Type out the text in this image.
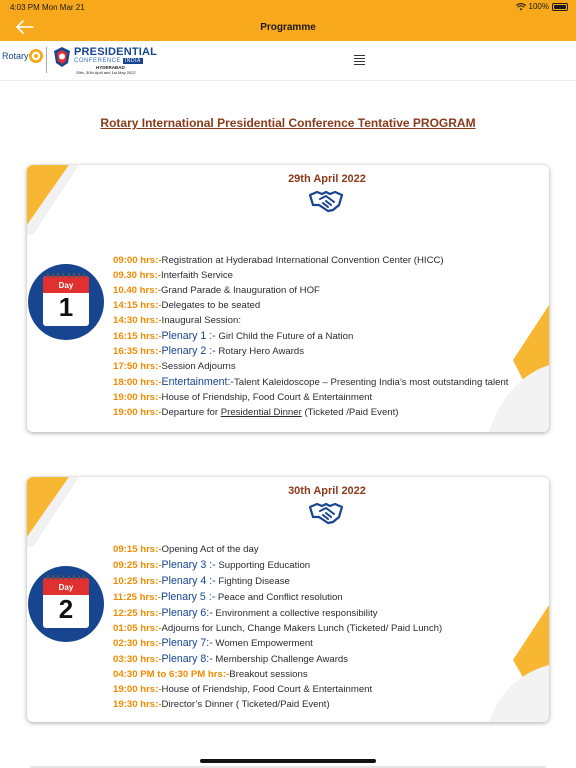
4:03 PM Mon Mar 21	100%
Programme
Rotary	PRESIDENTIAL
CONFERENCE INDIA
HYDERABAD
29th, 30th April and 1st May 2022
Rotary International Presidential Conference Tentative PROGRAM
29th April 2022
Day
1
09:00 hrs:-Registration at Hyderabad International Convention Center (HICC)
09.30 hrs:-Interfaith Service
10.40 hrs:-Grand Parade & Inauguration of HOF
14:15 hrs:-Delegates to be seated
14:30 hrs:-Inaugural Session:
16:15 hrs:-Plenary 1 :- Girl Child the Future of a Nation
16:35 hrs:-Plenary 2 :- Rotary Hero Awards
17:50 hrs:-Session Adjourns
18:00 hrs:-Entertainment:-Talent Kaleidoscope – Presenting India’s most outstanding talent
19:00 hrs:-House of Friendship, Food Court & Entertainment
19:00 hrs:-Departure for Presidential Dinner (Ticketed /Paid Event)
30th April 2022
Day
2
09:15 hrs:-Opening Act of the day
09:25 hrs:-Plenary 3 :- Supporting Education
10:25 hrs:-Plenary 4 :- Fighting Disease
11:25 hrs:-Plenary 5 :- Peace and Conflict resolution
12:25 hrs:-Plenary 6:- Environment a collective responsibility
01:05 hrs:-Adjourns for Lunch, Change Makers Lunch (Ticketed/ Paid Lunch)
02:30 hrs:-Plenary 7:- Women Empowerment
03:30 hrs:-Plenary 8:- Membership Challenge Awards
04:30 PM to 6:30 PM hrs:-Breakout sessions
19:00 hrs:-House of Friendship, Food Court & Entertainment
19:30 hrs:-Director’s Dinner ( Ticketed/Paid Event)
